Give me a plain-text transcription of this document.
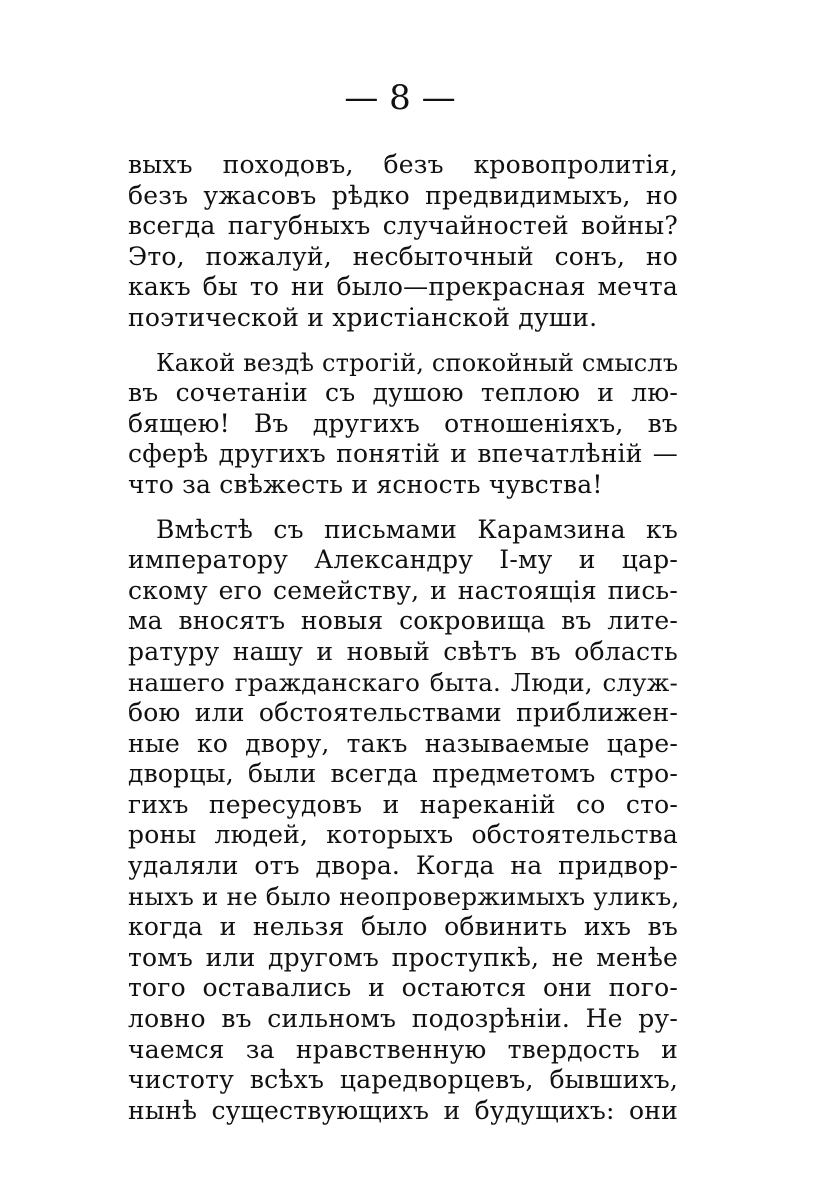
— 8 —
выхъ походовъ, безъ кровопролитія,
безъ ужасовъ рѣдко предвидимыхъ, но
всегда пагубныхъ случайностей войны?
Это, пожалуй, несбыточный сонъ, но
какъ бы то ни было—прекрасная мечта
поэтической и христіанской души.
Какой вездѣ строгій, спокойный смыслъ
въ сочетаніи съ душою теплою и лю-
бящею! Въ другихъ отношеніяхъ, въ
сферѣ другихъ понятій и впечатлѣній —
что за свѣжесть и ясность чувства!
Вмѣстѣ съ письмами Карамзина къ
императору Александру I-му и цар-
скому его семейству, и настоящія пись-
ма вносятъ новыя сокровища въ лите-
ратуру нашу и новый свѣтъ въ область
нашего гражданскаго быта. Люди, служ-
бою или обстоятельствами приближен-
ные ко двору, такъ называемые царе-
дворцы, были всегда предметомъ стро-
гихъ пересудовъ и нареканій со сто-
роны людей, которыхъ обстоятельства
удаляли отъ двора. Когда на придвор-
ныхъ и не было неопровержимыхъ уликъ,
когда и нельзя было обвинить ихъ въ
томъ или другомъ проступкѣ, не менѣе
того оставались и остаются они пого-
ловно въ сильномъ подозрѣніи. Не ру-
чаемся за нравственную твердость и
чистоту всѣхъ царедворцевъ, бывшихъ,
нынѣ существующихъ и будущихъ: они
